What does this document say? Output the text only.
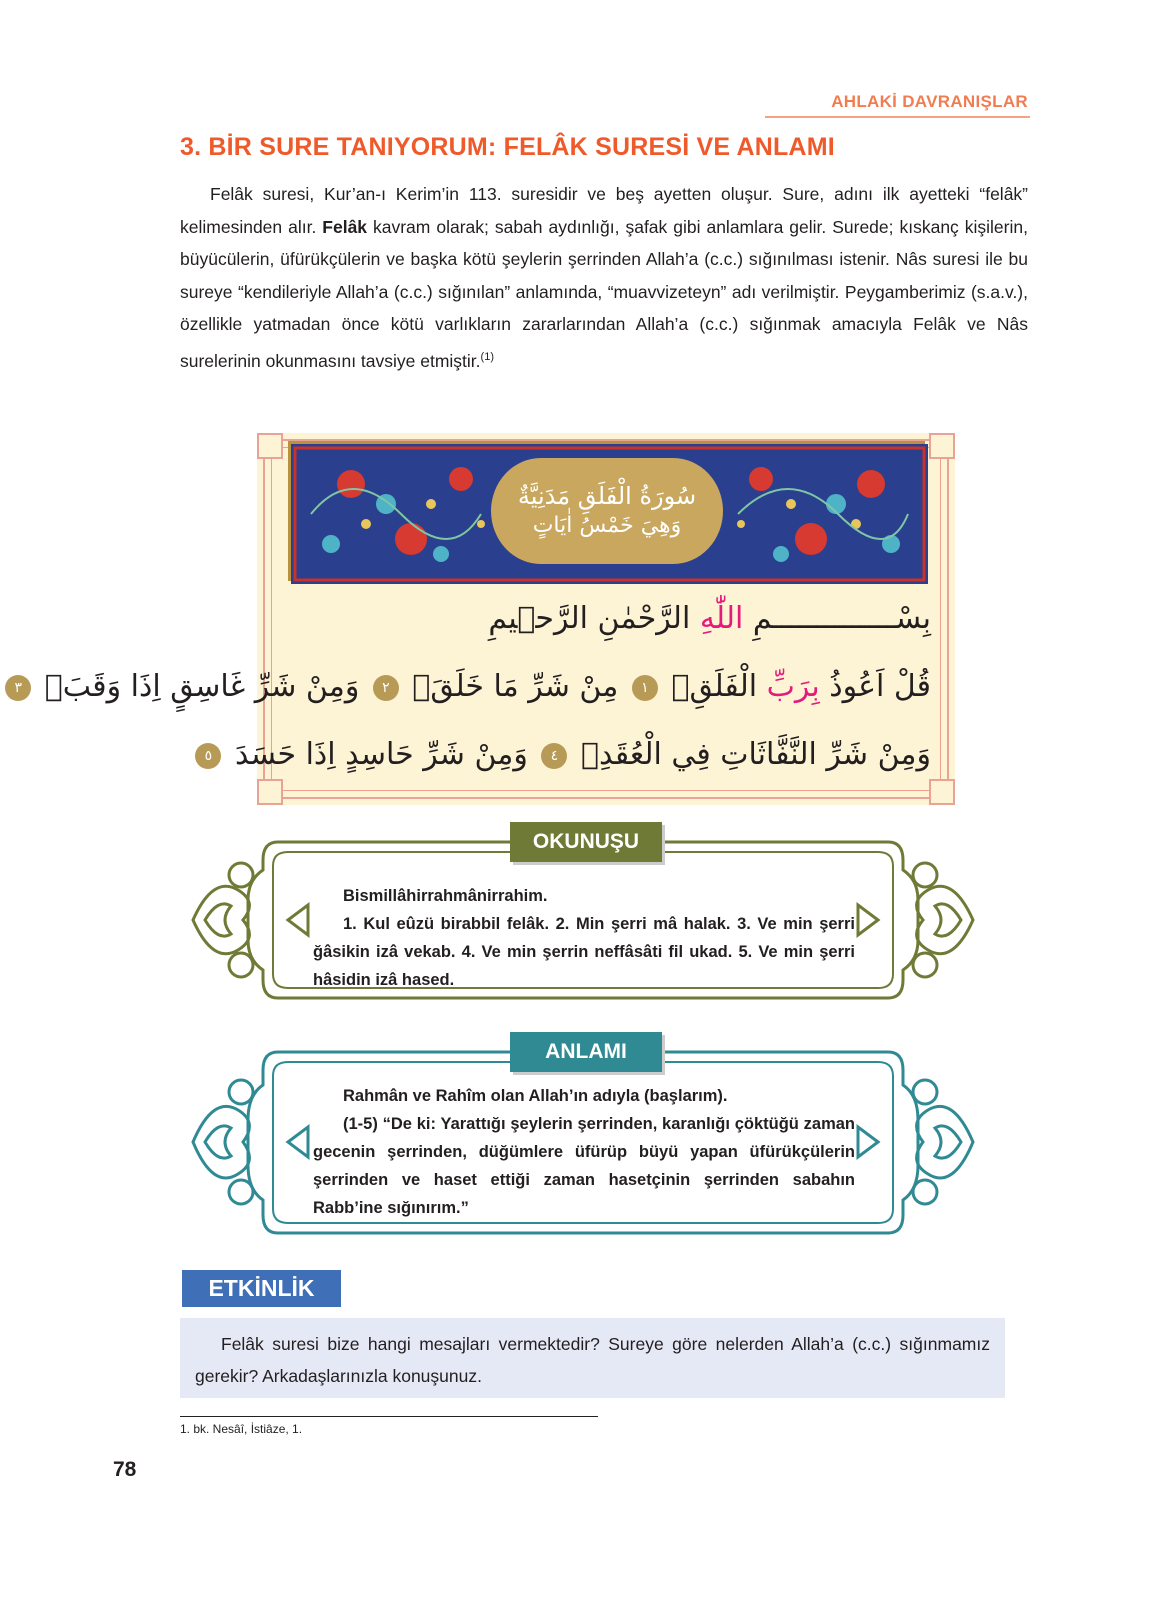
AHLAKİ DAVRANIŞLAR
3. BİR SURE TANIYORUM: FELÂK SURESİ VE ANLAMI

Felâk suresi, Kur’an-ı Kerim’in 113. suresidir ve beş ayetten oluşur. Sure, adını ilk ayetteki “felâk” kelimesinden alır. Felâk kavram olarak; sabah aydınlığı, şafak gibi anlamlara gelir. Surede; kıskanç kişilerin, büyücülerin, üfürükçülerin ve başka kötü şeylerin şerrinden Allah’a (c.c.) sığınılması istenir. Nâs suresi ile bu sureye “kendileriyle Allah’a (c.c.) sığınılan” anlamında, “muavvizeteyn” adı verilmiştir. Peygamberimiz (s.a.v.), özellikle yatmadan önce kötü varlıkların zararlarından Allah’a (c.c.) sığınmak amacıyla Felâk ve Nâs surelerinin okunmasını tavsiye etmiştir.$^{(1)}$

سُورَةُ الْفَلَقِ مَدَنِيَّةٌ
وَهِيَ خَمْسُ اٰيَاتٍ
بِسْــــــــــــــمِ اللّٰهِ الرَّحْمٰنِ الرَّح۪يمِ
قُلْ اَعُوذُ بِرَبِّ الْفَلَقِۙ ١ مِنْ شَرِّ مَا خَلَقَۙ ٢ وَمِنْ شَرِّ غَاسِقٍ اِذَا وَقَبَۙ ٣
وَمِنْ شَرِّ النَّفَّاثَاتِ فِي الْعُقَدِۙ ٤ وَمِنْ شَرِّ حَاسِدٍ اِذَا حَسَدَ ٥
OKUNUŞU

Bismillâhirrahmânirrahim.

1. Kul eûzü birabbil felâk. 2. Min şerri mâ halak. 3. Ve min şerri ğâsikin izâ vekab. 4. Ve min şerrin neffâsâti fil ukad. 5. Ve min şerri hâsidin izâ hased.

ANLAMI

Rahmân ve Rahîm olan Allah’ın adıyla (başlarım).

(1-5) “De ki: Yarattığı şeylerin şerrinden, karanlığı çöktüğü zaman gecenin şerrinden, düğümlere üfürüp büyü yapan üfürükçülerin şerrinden ve haset ettiği zaman hasetçinin şerrinden sabahın Rabb’ine sığınırım.”

ETKİNLİK
Felâk suresi bize hangi mesajları vermektedir? Sureye göre nelerden Allah’a (c.c.) sığınmamız gerekir? Arkadaşlarınızla konuşunuz.
1. bk. Nesâî, İstiâze, 1.
78
